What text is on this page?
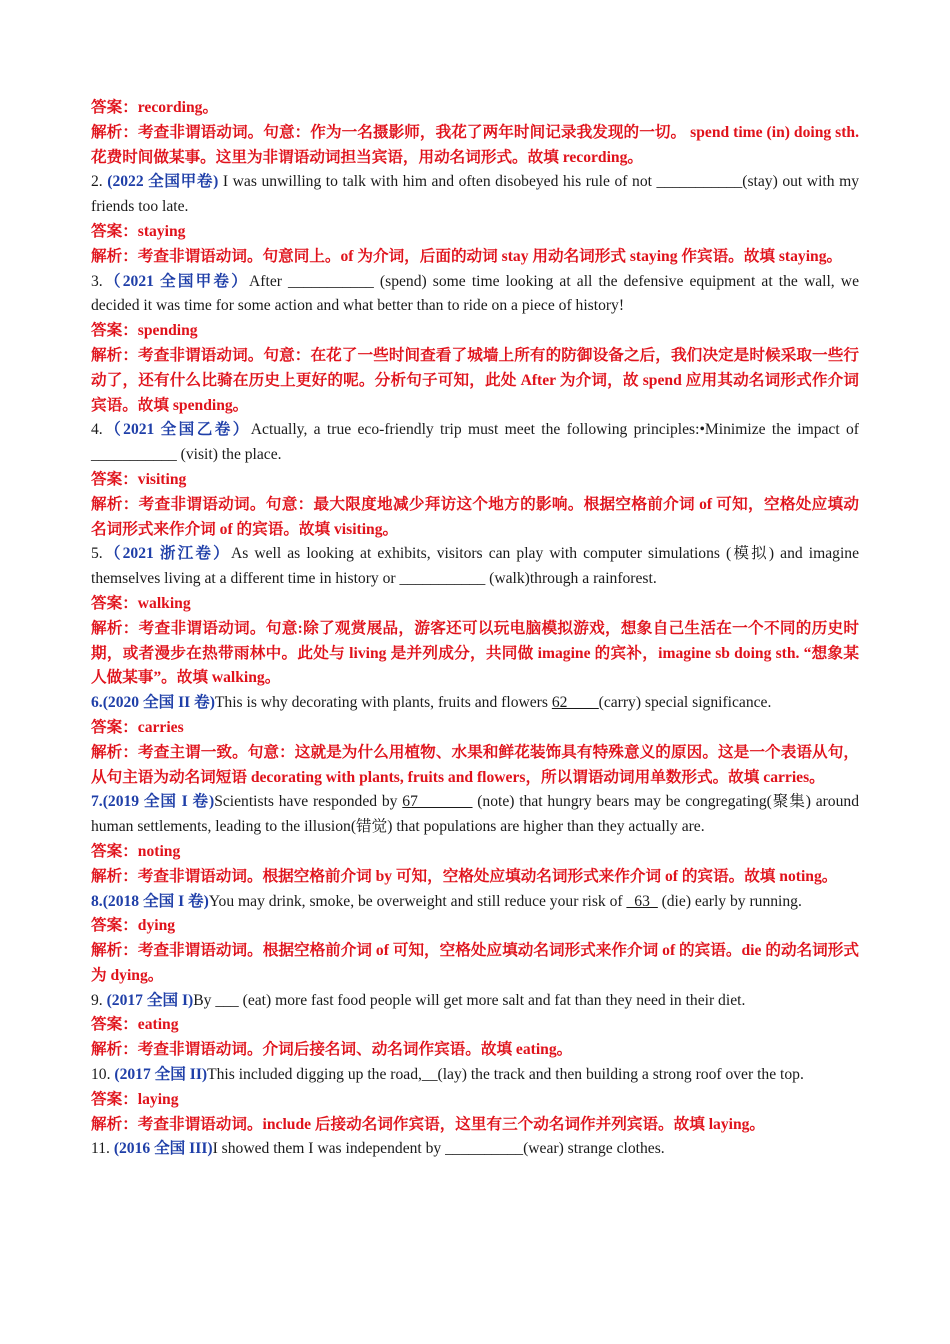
答案：recording。

解析：考查非谓语动词。句意：作为一名摄影师，我花了两年时间记录我发现的一切。 spend time (in) doing sth.花费时间做某事。这里为非谓语动词担当宾语，用动名词形式。故填 recording。

2. (2022 全国甲卷) I was unwilling to talk with him and often disobeyed his rule of not ___________(stay) out with my friends too late.

答案：staying

解析：考查非谓语动词。句意同上。of 为介词，后面的动词 stay 用动名词形式 staying 作宾语。故填 staying。

3.（2021 全国甲卷）After ___________ (spend) some time looking at all the defensive equipment at the wall, we decided it was time for some action and what better than to ride on a piece of history!

答案：spending

解析：考查非谓语动词。句意：在花了一些时间查看了城墙上所有的防御设备之后，我们决定是时候采取一些行动了，还有什么比骑在历史上更好的呢。分析句子可知，此处 After 为介词，故 spend 应用其动名词形式作介词宾语。故填 spending。

4.（2021 全国乙卷）Actually, a true eco-friendly trip must meet the following principles:•Minimize the impact of ___________ (visit) the place.

答案：visiting

解析：考查非谓语动词。句意：最大限度地减少拜访这个地方的影响。根据空格前介词 of 可知，空格处应填动名词形式来作介词 of 的宾语。故填 visiting。

5.（2021 浙江卷）As well as looking at exhibits, visitors can play with computer simulations (模拟) and imagine themselves living at a different time in history or ___________ (walk)through a rainforest.

答案：walking

解析：考查非谓语动词。句意:除了观赏展品，游客还可以玩电脑模拟游戏，想象自己生活在一个不同的历史时期，或者漫步在热带雨林中。此处与 living 是并列成分，共同做 imagine 的宾补，imagine sb doing sth. “想象某人做某事”。故填 walking。

6.(2020 全国 II 卷)This is why decorating with plants, fruits and flowers 62____(carry) special significance.

答案：carries

解析：考查主谓一致。句意：这就是为什么用植物、水果和鲜花装饰具有特殊意义的原因。这是一个表语从句，从句主语为动名词短语 decorating with plants, fruits and flowers，所以谓语动词用单数形式。故填 carries。

7.(2019 全国 I 卷)Scientists have responded by 67_______ (note) that hungry bears may be congregating(聚集) around human settlements, leading to the illusion(错觉) that populations are higher than they actually are.

答案：noting

解析：考查非谓语动词。根据空格前介词 by 可知，空格处应填动名词形式来作介词 of 的宾语。故填 noting。

8.(2018 全国 I 卷)You may drink, smoke, be overweight and still reduce your risk of _63_ (die) early by running.

答案：dying

解析：考查非谓语动词。根据空格前介词 of 可知，空格处应填动名词形式来作介词 of 的宾语。die 的动名词形式为 dying。

9. (2017 全国 I)By ___ (eat) more fast food people will get more salt and fat than they need in their diet.

答案：eating

解析：考查非谓语动词。介词后接名词、动名词作宾语。故填 eating。

10. (2017 全国 II)This included digging up the road,__(lay) the track and then building a strong roof over the top.

答案：laying

解析：考查非谓语动词。include 后接动名词作宾语，这里有三个动名词作并列宾语。故填 laying。

11. (2016 全国 III)I showed them I was independent by __________(wear) strange clothes.
